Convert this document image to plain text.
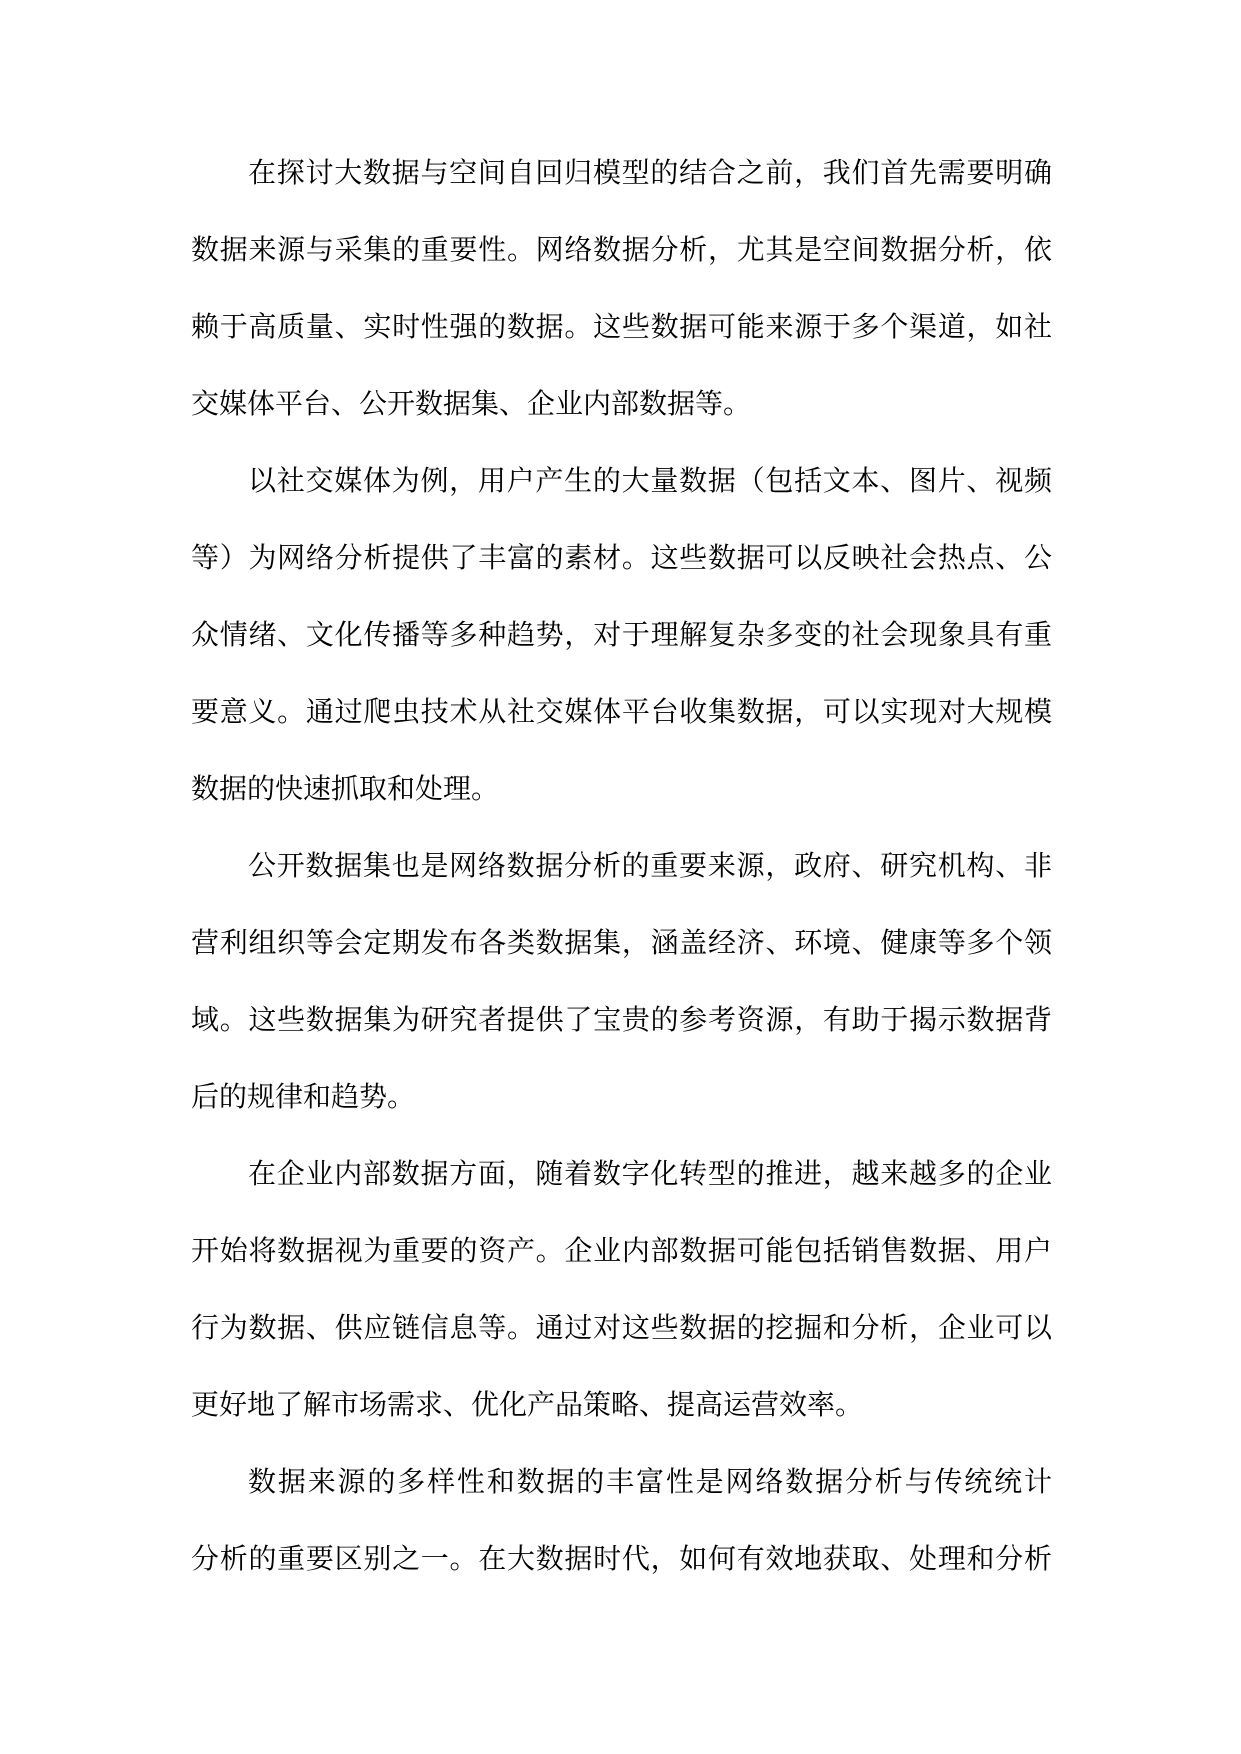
在探讨大数据与空间自回归模型的结合之前，我们首先需要明确
数据来源与采集的重要性。网络数据分析，尤其是空间数据分析，依
赖于高质量、实时性强的数据。这些数据可能来源于多个渠道，如社
交媒体平台、公开数据集、企业内部数据等。
以社交媒体为例，用户产生的大量数据（包括文本、图片、视频
等）为网络分析提供了丰富的素材。这些数据可以反映社会热点、公
众情绪、文化传播等多种趋势，对于理解复杂多变的社会现象具有重
要意义。通过爬虫技术从社交媒体平台收集数据，可以实现对大规模
数据的快速抓取和处理。
公开数据集也是网络数据分析的重要来源，政府、研究机构、非
营利组织等会定期发布各类数据集，涵盖经济、环境、健康等多个领
域。这些数据集为研究者提供了宝贵的参考资源，有助于揭示数据背
后的规律和趋势。
在企业内部数据方面，随着数字化转型的推进，越来越多的企业
开始将数据视为重要的资产。企业内部数据可能包括销售数据、用户
行为数据、供应链信息等。通过对这些数据的挖掘和分析，企业可以
更好地了解市场需求、优化产品策略、提高运营效率。
数据来源的多样性和数据的丰富性是网络数据分析与传统统计
分析的重要区别之一。在大数据时代，如何有效地获取、处理和分析
